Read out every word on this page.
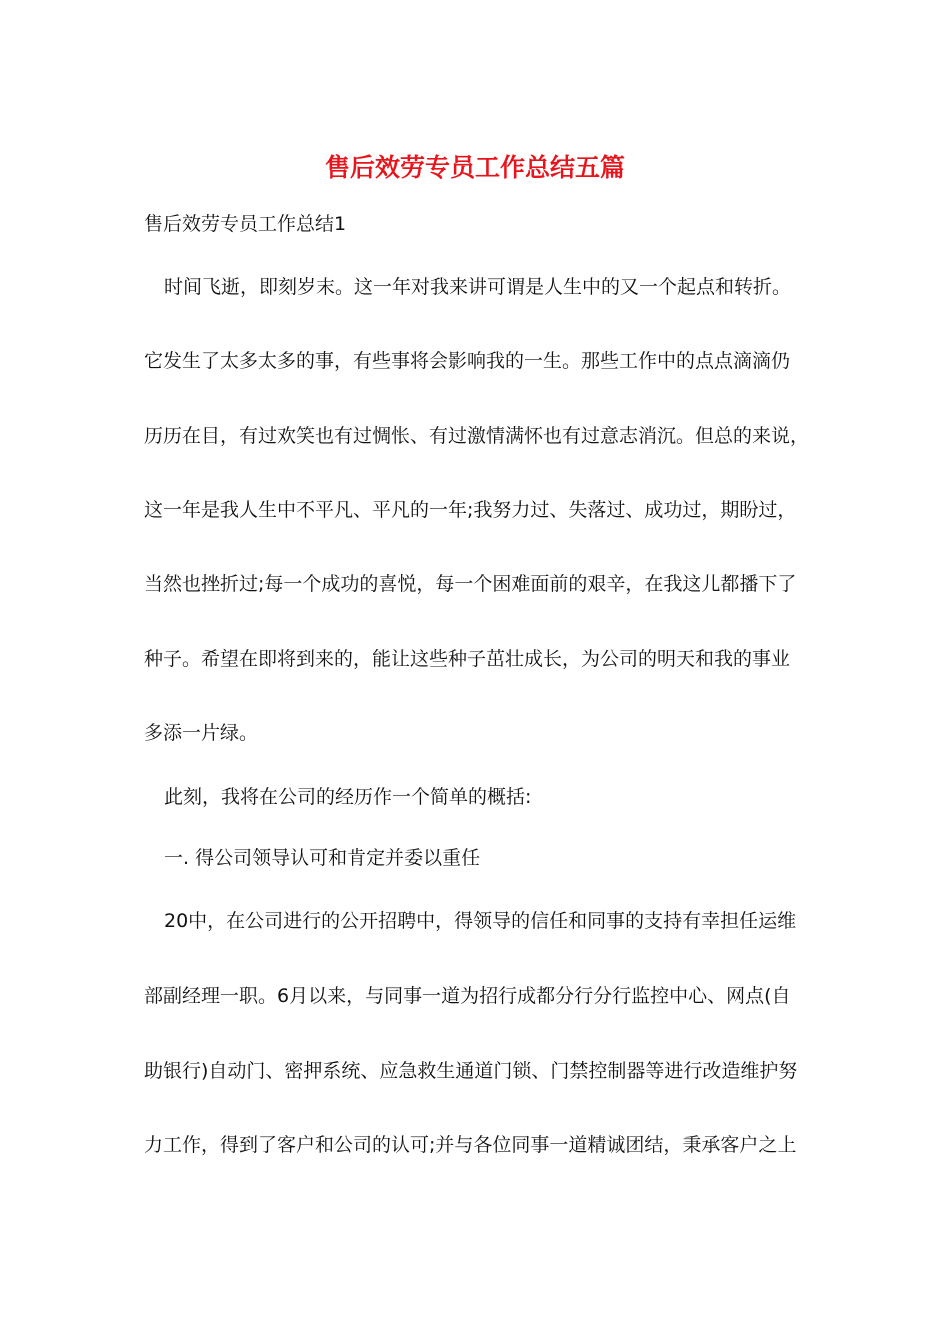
售后效劳专员工作总结五篇
售后效劳专员工作总结1
时间飞逝，即刻岁末。这一年对我来讲可谓是人生中的又一个起点和转折。
它发生了太多太多的事，有些事将会影响我的一生。那些工作中的点点滴滴仍
历历在目，有过欢笑也有过惆怅、有过激情满怀也有过意志消沉。但总的来说，
这一年是我人生中不平凡、平凡的一年;我努力过、失落过、成功过，期盼过，
当然也挫折过;每一个成功的喜悦，每一个困难面前的艰辛，在我这儿都播下了
种子。希望在即将到来的，能让这些种子茁壮成长，为公司的明天和我的事业
多添一片绿。
此刻，我将在公司的经历作一个简单的概括:
一. 得公司领导认可和肯定并委以重任
20中，在公司进行的公开招聘中，得领导的信任和同事的支持有幸担任运维
部副经理一职。6月以来，与同事一道为招行成都分行分行监控中心、网点(自
助银行)自动门、密押系统、应急救生通道门锁、门禁控制器等进行改造维护努
力工作，得到了客户和公司的认可;并与各位同事一道精诚团结，秉承客户之上
